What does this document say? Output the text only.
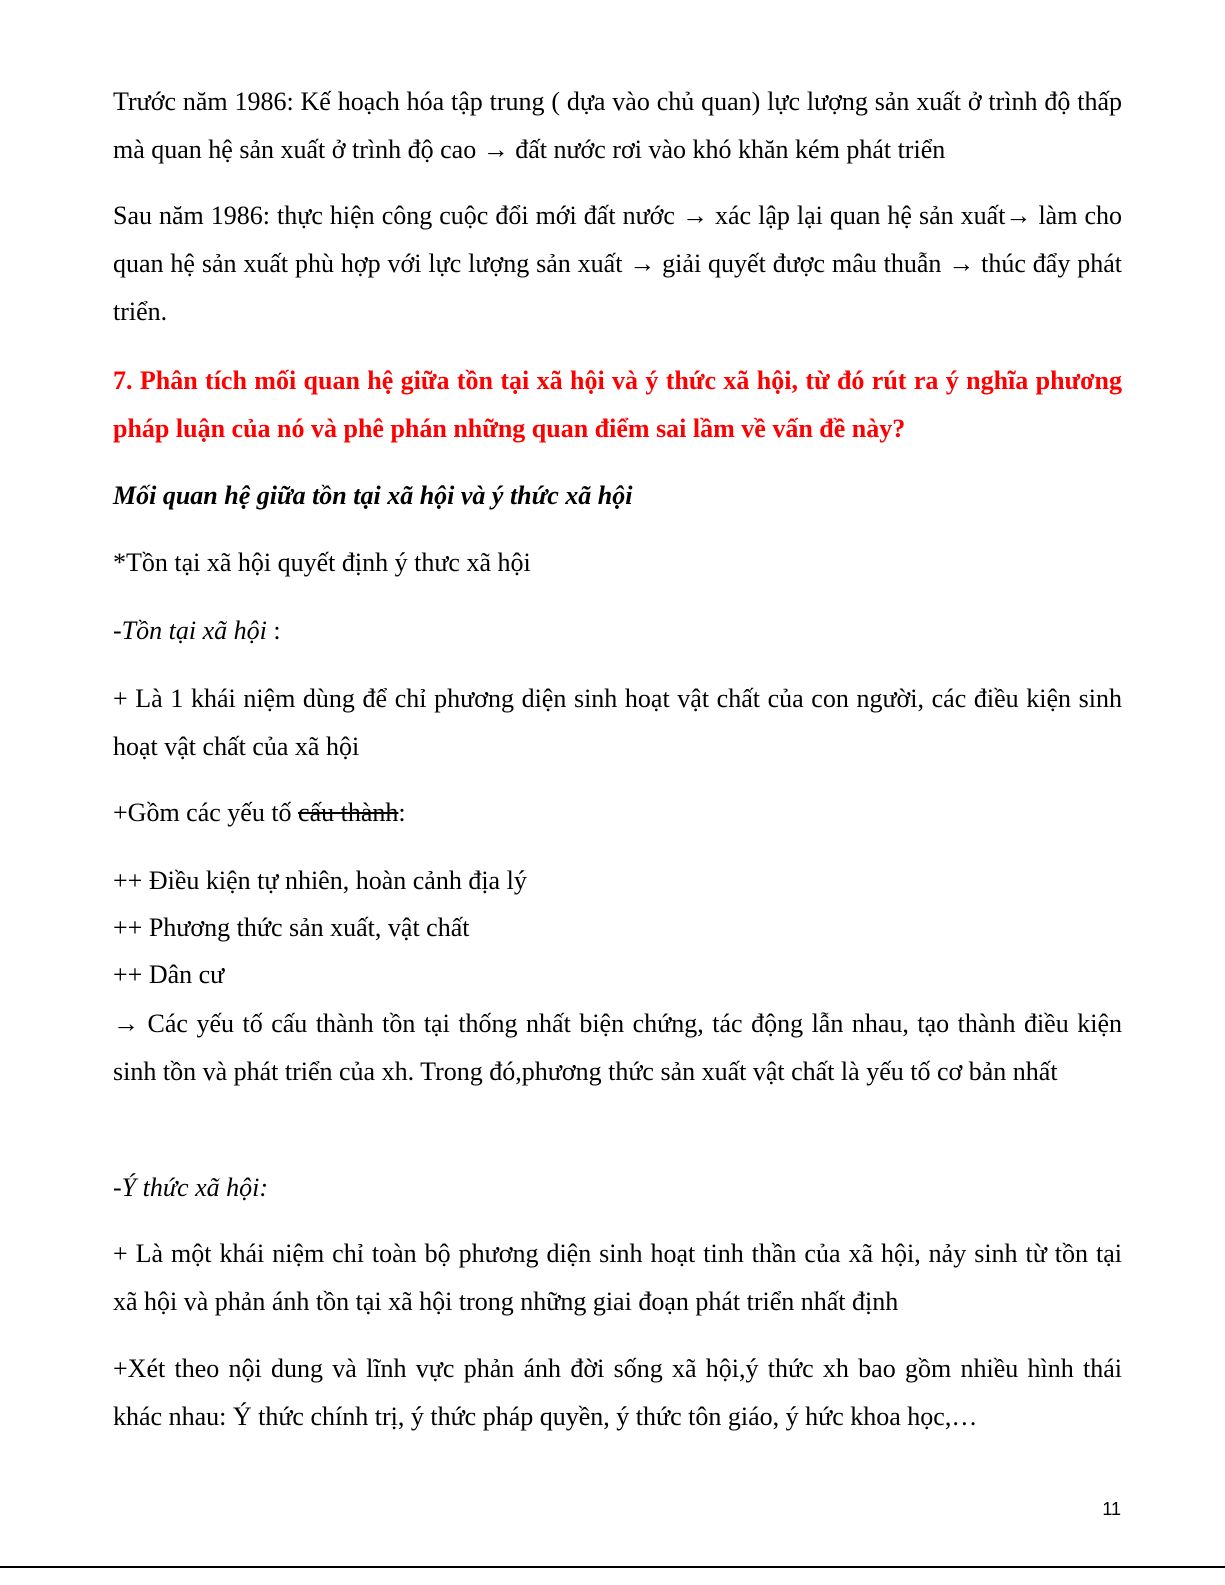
Trước năm 1986: Kế hoạch hóa tập trung ( dựa vào chủ quan) lực lượng sản xuất ở trình độ thấp mà quan hệ sản xuất ở trình độ cao → đất nước rơi vào khó khăn kém phát triển

Sau năm 1986: thực hiện công cuộc đổi mới đất nước → xác lập lại quan hệ sản xuất→ làm cho quan hệ sản xuất phù hợp với lực lượng sản xuất → giải quyết được mâu thuẫn → thúc đẩy phát triển.

7. Phân tích mối quan hệ giữa tồn tại xã hội và ý thức xã hội, từ đó rút ra ý nghĩa phương pháp luận của nó và phê phán những quan điểm sai lầm về vấn đề này?

Mối quan hệ giữa tồn tại xã hội và ý thức xã hội

*Tồn tại xã hội quyết định ý thưc xã hội

-Tồn tại xã hội :

+ Là 1 khái niệm dùng để chỉ phương diện sinh hoạt vật chất của con người, các điều kiện sinh hoạt vật chất của xã hội

+Gồm các yếu tố cấu thành:

++ Điều kiện tự nhiên, hoàn cảnh địa lý

++ Phương thức sản xuất, vật chất

++ Dân cư

→ Các yếu tố cấu thành tồn tại thống nhất biện chứng, tác động lẫn nhau, tạo thành điều kiện sinh tồn và phát triển của xh. Trong đó,phương thức sản xuất vật chất là yếu tố cơ bản nhất

-Ý thức xã hội:

+ Là một khái niệm chỉ toàn bộ phương diện sinh hoạt tinh thần của xã hội, nảy sinh từ tồn tại xã hội và phản ánh tồn tại xã hội trong những giai đoạn phát triển nhất định

+Xét theo nội dung và lĩnh vực phản ánh đời sống xã hội,ý thức xh bao gồm nhiều hình thái khác nhau: Ý thức chính trị, ý thức pháp quyền, ý thức tôn giáo, ý hức khoa học,…

11
